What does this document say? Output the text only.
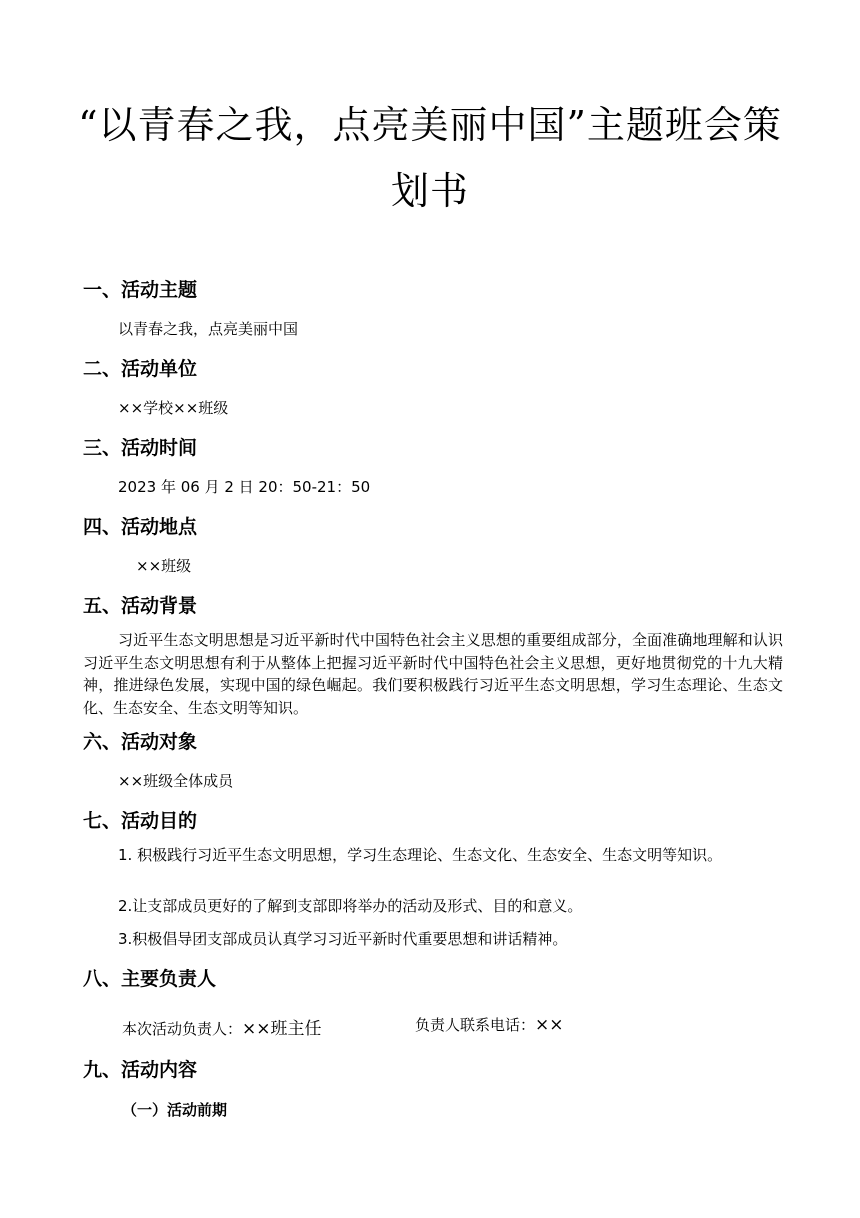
“以青春之我，点亮美丽中国”主题班会策划书
一、活动主题
以青春之我，点亮美丽中国
二、活动单位
××学校××班级
三、活动时间
2023 年 06 月 2 日 20：50-21：50
四、活动地点
××班级
五、活动背景
习近平生态文明思想是习近平新时代中国特色社会主义思想的重要组成部分，全面准确地理解和认识习近平生态文明思想有利于从整体上把握习近平新时代中国特色社会主义思想，更好地贯彻党的十九大精神，推进绿色发展，实现中国的绿色崛起。我们要积极践行习近平生态文明思想，学习生态理论、生态文化、生态安全、生态文明等知识。
六、活动对象
××班级全体成员
七、活动目的
1. 积极践行习近平生态文明思想，学习生态理论、生态文化、生态安全、生态文明等知识。
2.让支部成员更好的了解到支部即将举办的活动及形式、目的和意义。
3.积极倡导团支部成员认真学习习近平新时代重要思想和讲话精神。
八、主要负责人
本次活动负责人：××班主任	负责人联系电话：××
九、活动内容
（一）活动前期
